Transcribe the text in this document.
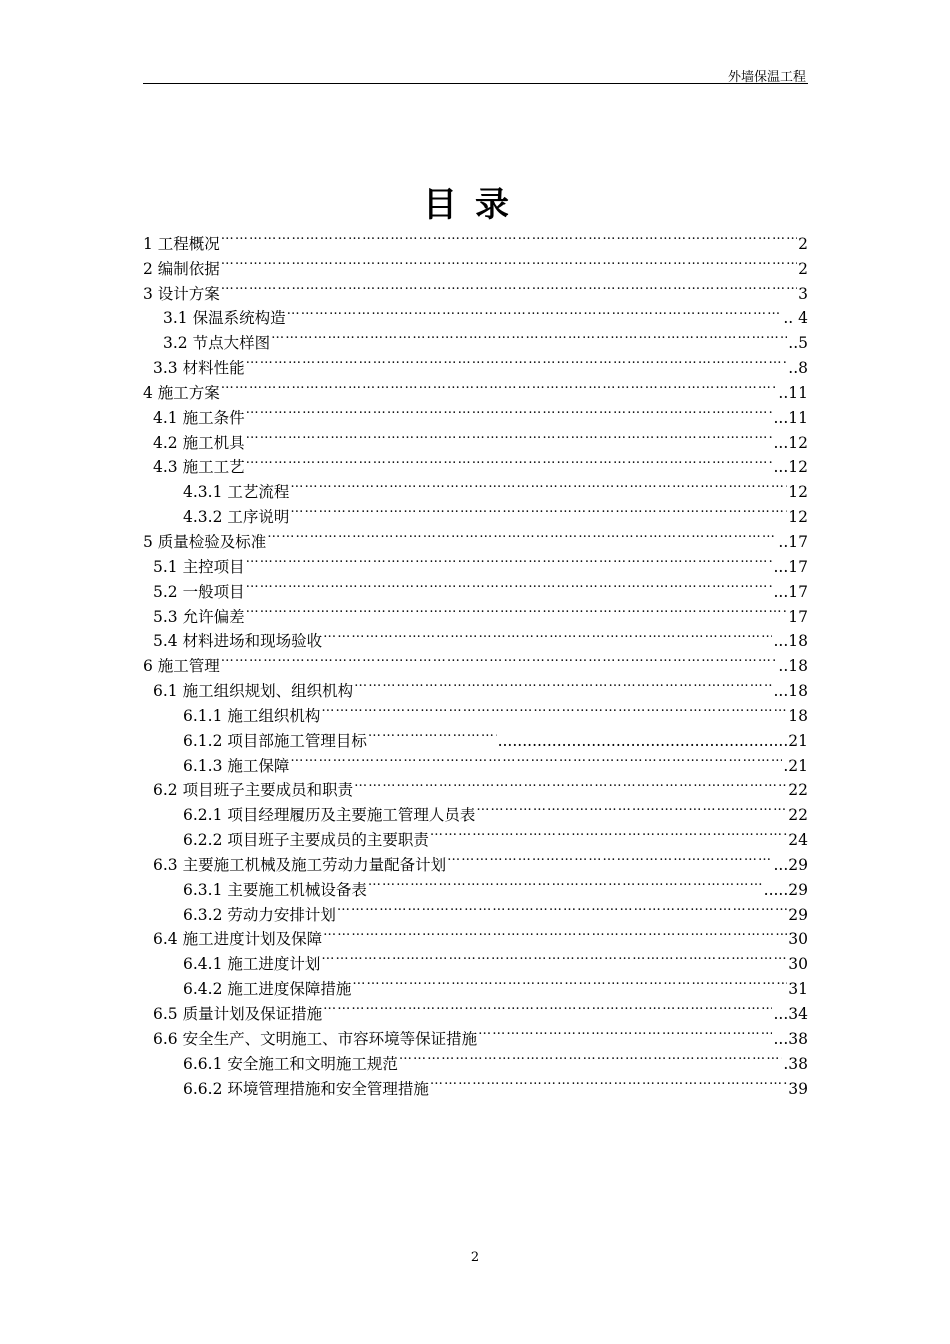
外墙保温工程
目录
1 工程概况 … … … … … … … … … … … … … … … … … … … … … … … … … … … … … … … … … … … … … … … … … … … … … … … … … … … … … … … … … … …	2
2 编制依据 … … … … … … … … … … … … … … … … … … … … … … … … … … … … … … … … … … … … … … … … … … … … … … … … … … … … … … … … … … …	2
3 设计方案 … … … … … … … … … … … … … … … … … … … … … … … … … … … … … … … … … … … … … … … … … … … … … … … … … … … … … … … … … … …	3
3.1 保温系统构造 … … … … … … … … … … … … … … … … … … … … … … … … … … … … … … … … … … … … … … … … … … … … … … … … … … … … … … … … … … …	.. 4
3.2 节点大样图 … … … … … … … … … … … … … … … … … … … … … … … … … … … … … … … … … … … … … … … … … … … … … … … … … … … … … … … … … … …	..5
3.3 材料性能 … … … … … … … … … … … … … … … … … … … … … … … … … … … … … … … … … … … … … … … … … … … … … … … … … … … … … … … … … … …	..8
4 施工方案 … … … … … … … … … … … … … … … … … … … … … … … … … … … … … … … … … … … … … … … … … … … … … … … … … … … … … … … … … … …	..11
4.1 施工条件 … … … … … … … … … … … … … … … … … … … … … … … … … … … … … … … … … … … … … … … … … … … … … … … … … … … … … … … … … … …	...11
4.2 施工机具 … … … … … … … … … … … … … … … … … … … … … … … … … … … … … … … … … … … … … … … … … … … … … … … … … … … … … … … … … … …	...12
4.3 施工工艺 … … … … … … … … … … … … … … … … … … … … … … … … … … … … … … … … … … … … … … … … … … … … … … … … … … … … … … … … … … …	...12
4.3.1 工艺流程 … … … … … … … … … … … … … … … … … … … … … … … … … … … … … … … … … … … … … … … … … … … … … … … … … … … … … … … … … … …	12
4.3.2 工序说明 … … … … … … … … … … … … … … … … … … … … … … … … … … … … … … … … … … … … … … … … … … … … … … … … … … … … … … … … … … …	12
5 质量检验及标准 … … … … … … … … … … … … … … … … … … … … … … … … … … … … … … … … … … … … … … … … … … … … … … … … … … … … … … … … … … …	..17
5.1 主控项目 … … … … … … … … … … … … … … … … … … … … … … … … … … … … … … … … … … … … … … … … … … … … … … … … … … … … … … … … … … …	...17
5.2 一般项目 … … … … … … … … … … … … … … … … … … … … … … … … … … … … … … … … … … … … … … … … … … … … … … … … … … … … … … … … … … …	...17
5.3 允许偏差 … … … … … … … … … … … … … … … … … … … … … … … … … … … … … … … … … … … … … … … … … … … … … … … … … … … … … … … … … … …	17
5.4 材料进场和现场验收 … … … … … … … … … … … … … … … … … … … … … … … … … … … … … … … … … … … … … … … … … … … … … … … … … … … … … … … … … … …	...18
6 施工管理 … … … … … … … … … … … … … … … … … … … … … … … … … … … … … … … … … … … … … … … … … … … … … … … … … … … … … … … … … … …	..18
6.1 施工组织规划、组织机构 … … … … … … … … … … … … … … … … … … … … … … … … … … … … … … … … … … … … … … … … … … … … … … … … … … … … … … … … … … …	...18
6.1.1 施工组织机构 … … … … … … … … … … … … … … … … … … … … … … … … … … … … … … … … … … … … … … … … … … … … … … … … … … … … … … … … … … …	18
6.1.2 项目部施工管理目标 … … … … … … … … … … … … … … … … … … … … … … … … … … … … … … … … … … … … … … … … … … … … … … … … … … … … … … … … … … …	...........................................................21
6.1.3 施工保障 … … … … … … … … … … … … … … … … … … … … … … … … … … … … … … … … … … … … … … … … … … … … … … … … … … … … … … … … … … …	.21
6.2 项目班子主要成员和职责 … … … … … … … … … … … … … … … … … … … … … … … … … … … … … … … … … … … … … … … … … … … … … … … … … … … … … … … … … … …	22
6.2.1 项目经理履历及主要施工管理人员表 … … … … … … … … … … … … … … … … … … … … … … … … … … … … … … … … … … … … … … … … … … … … … … … … … … … … … … … … … … …	22
6.2.2 项目班子主要成员的主要职责 … … … … … … … … … … … … … … … … … … … … … … … … … … … … … … … … … … … … … … … … … … … … … … … … … … … … … … … … … … …	24
6.3 主要施工机械及施工劳动力量配备计划 … … … … … … … … … … … … … … … … … … … … … … … … … … … … … … … … … … … … … … … … … … … … … … … … … … … … … … … … … … …	...29
6.3.1 主要施工机械设备表 … … … … … … … … … … … … … … … … … … … … … … … … … … … … … … … … … … … … … … … … … … … … … … … … … … … … … … … … … … …	.....29
6.3.2 劳动力安排计划 … … … … … … … … … … … … … … … … … … … … … … … … … … … … … … … … … … … … … … … … … … … … … … … … … … … … … … … … … … …	29
6.4 施工进度计划及保障 … … … … … … … … … … … … … … … … … … … … … … … … … … … … … … … … … … … … … … … … … … … … … … … … … … … … … … … … … … …	30
6.4.1 施工进度计划 … … … … … … … … … … … … … … … … … … … … … … … … … … … … … … … … … … … … … … … … … … … … … … … … … … … … … … … … … … …	30
6.4.2 施工进度保障措施 … … … … … … … … … … … … … … … … … … … … … … … … … … … … … … … … … … … … … … … … … … … … … … … … … … … … … … … … … … …	31
6.5 质量计划及保证措施 … … … … … … … … … … … … … … … … … … … … … … … … … … … … … … … … … … … … … … … … … … … … … … … … … … … … … … … … … … …	...34
6.6 安全生产、文明施工、市容环境等保证措施 … … … … … … … … … … … … … … … … … … … … … … … … … … … … … … … … … … … … … … … … … … … … … … … … … … … … … … … … … … …	...38
6.6.1 安全施工和文明施工规范 … … … … … … … … … … … … … … … … … … … … … … … … … … … … … … … … … … … … … … … … … … … … … … … … … … … … … … … … … … …	.38
6.6.2 环境管理措施和安全管理措施 … … … … … … … … … … … … … … … … … … … … … … … … … … … … … … … … … … … … … … … … … … … … … … … … … … … … … … … … … … …	39
2
